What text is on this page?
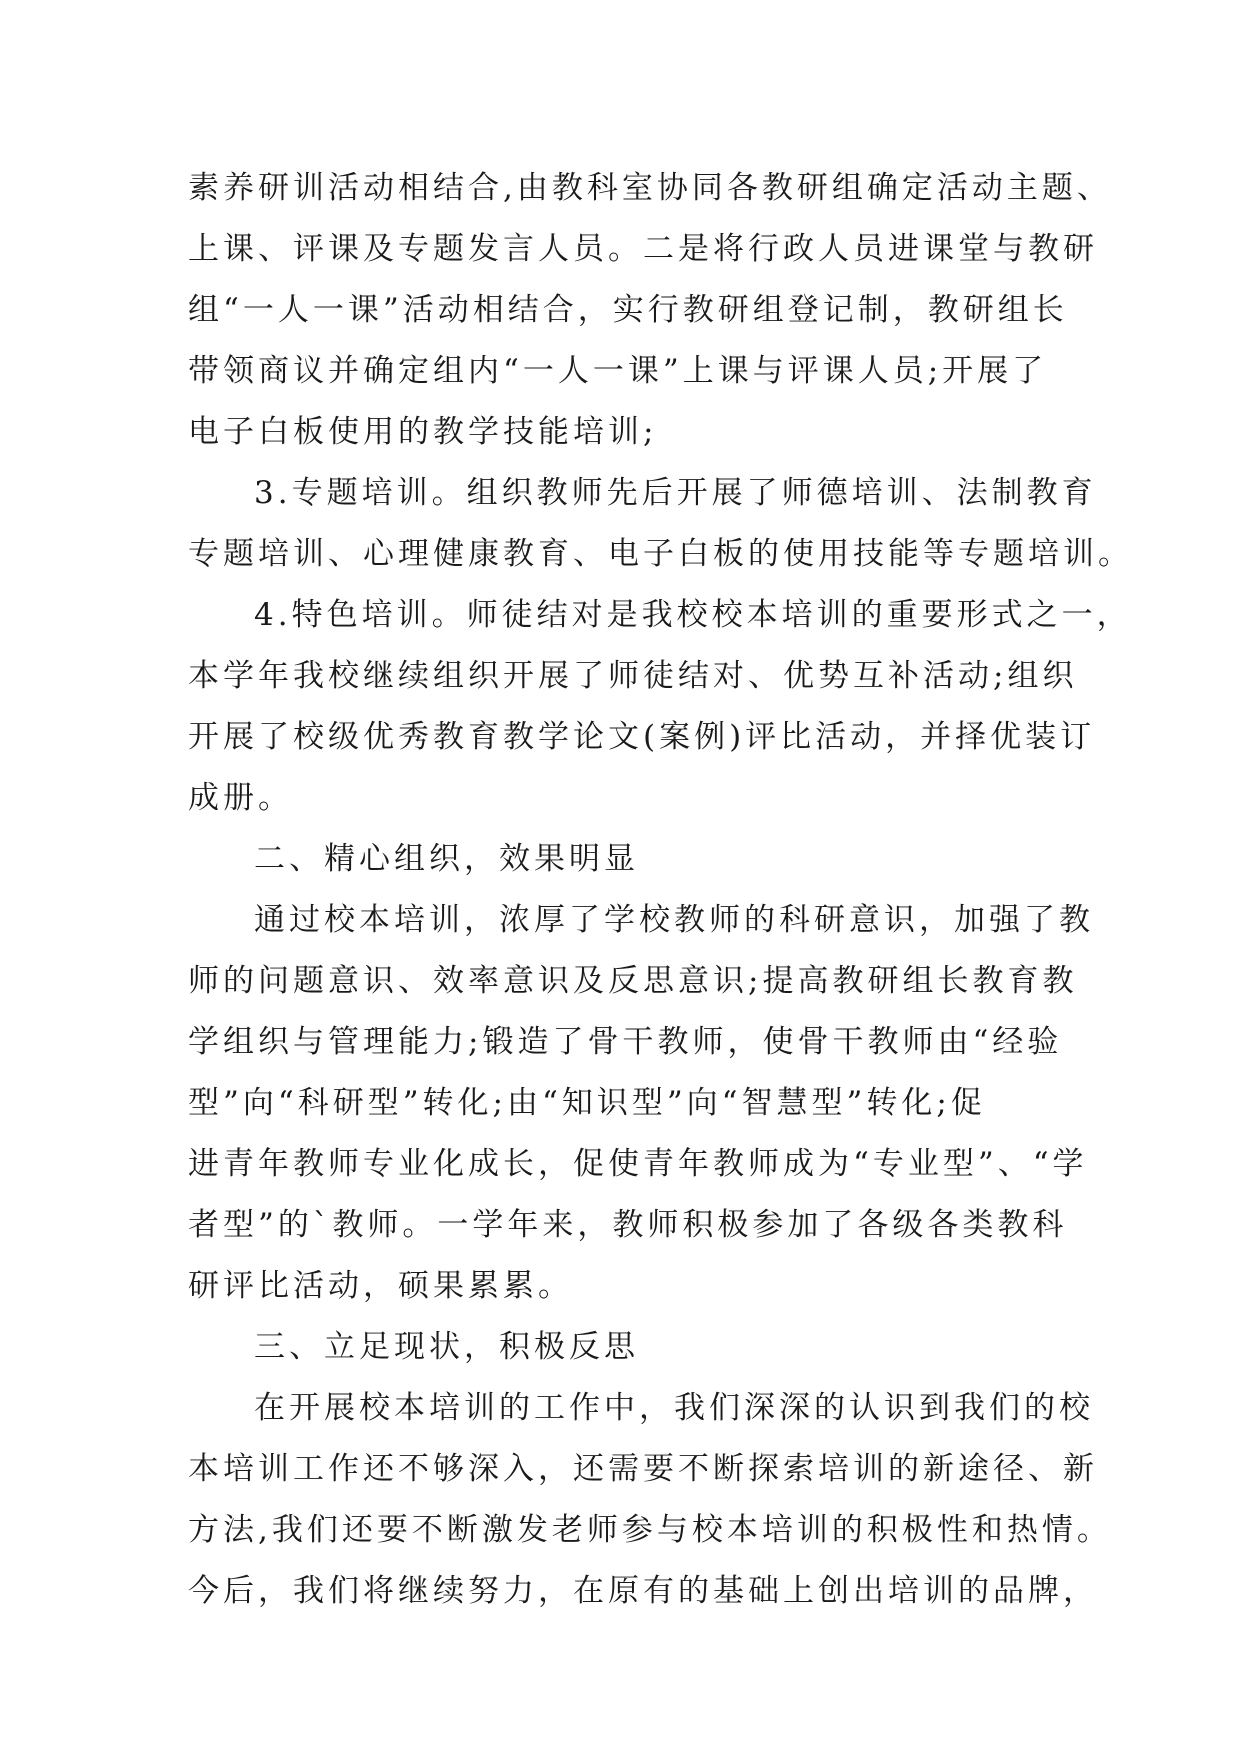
素养研训活动相结合,由教科室协同各教研组确定活动主题、
上课、评课及专题发言人员。二是将行政人员进课堂与教研
组“一人一课”活动相结合，实行教研组登记制，教研组长
带领商议并确定组内“一人一课”上课与评课人员;开展了
电子白板使用的教学技能培训;
3.专题培训。组织教师先后开展了师德培训、法制教育
专题培训、心理健康教育、电子白板的使用技能等专题培训。
4.特色培训。师徒结对是我校校本培训的重要形式之一，
本学年我校继续组织开展了师徒结对、优势互补活动;组织
开展了校级优秀教育教学论文(案例)评比活动，并择优装订
成册。
二、精心组织，效果明显
通过校本培训，浓厚了学校教师的科研意识，加强了教
师的问题意识、效率意识及反思意识;提高教研组长教育教
学组织与管理能力;锻造了骨干教师，使骨干教师由“经验
型”向“科研型”转化;由“知识型”向“智慧型”转化;促
进青年教师专业化成长，促使青年教师成为“专业型”、“学
者型”的`教师。一学年来，教师积极参加了各级各类教科
研评比活动，硕果累累。
三、立足现状，积极反思
在开展校本培训的工作中，我们深深的认识到我们的校
本培训工作还不够深入，还需要不断探索培训的新途径、新
方法,我们还要不断激发老师参与校本培训的积极性和热情。
今后，我们将继续努力，在原有的基础上创出培训的品牌，
